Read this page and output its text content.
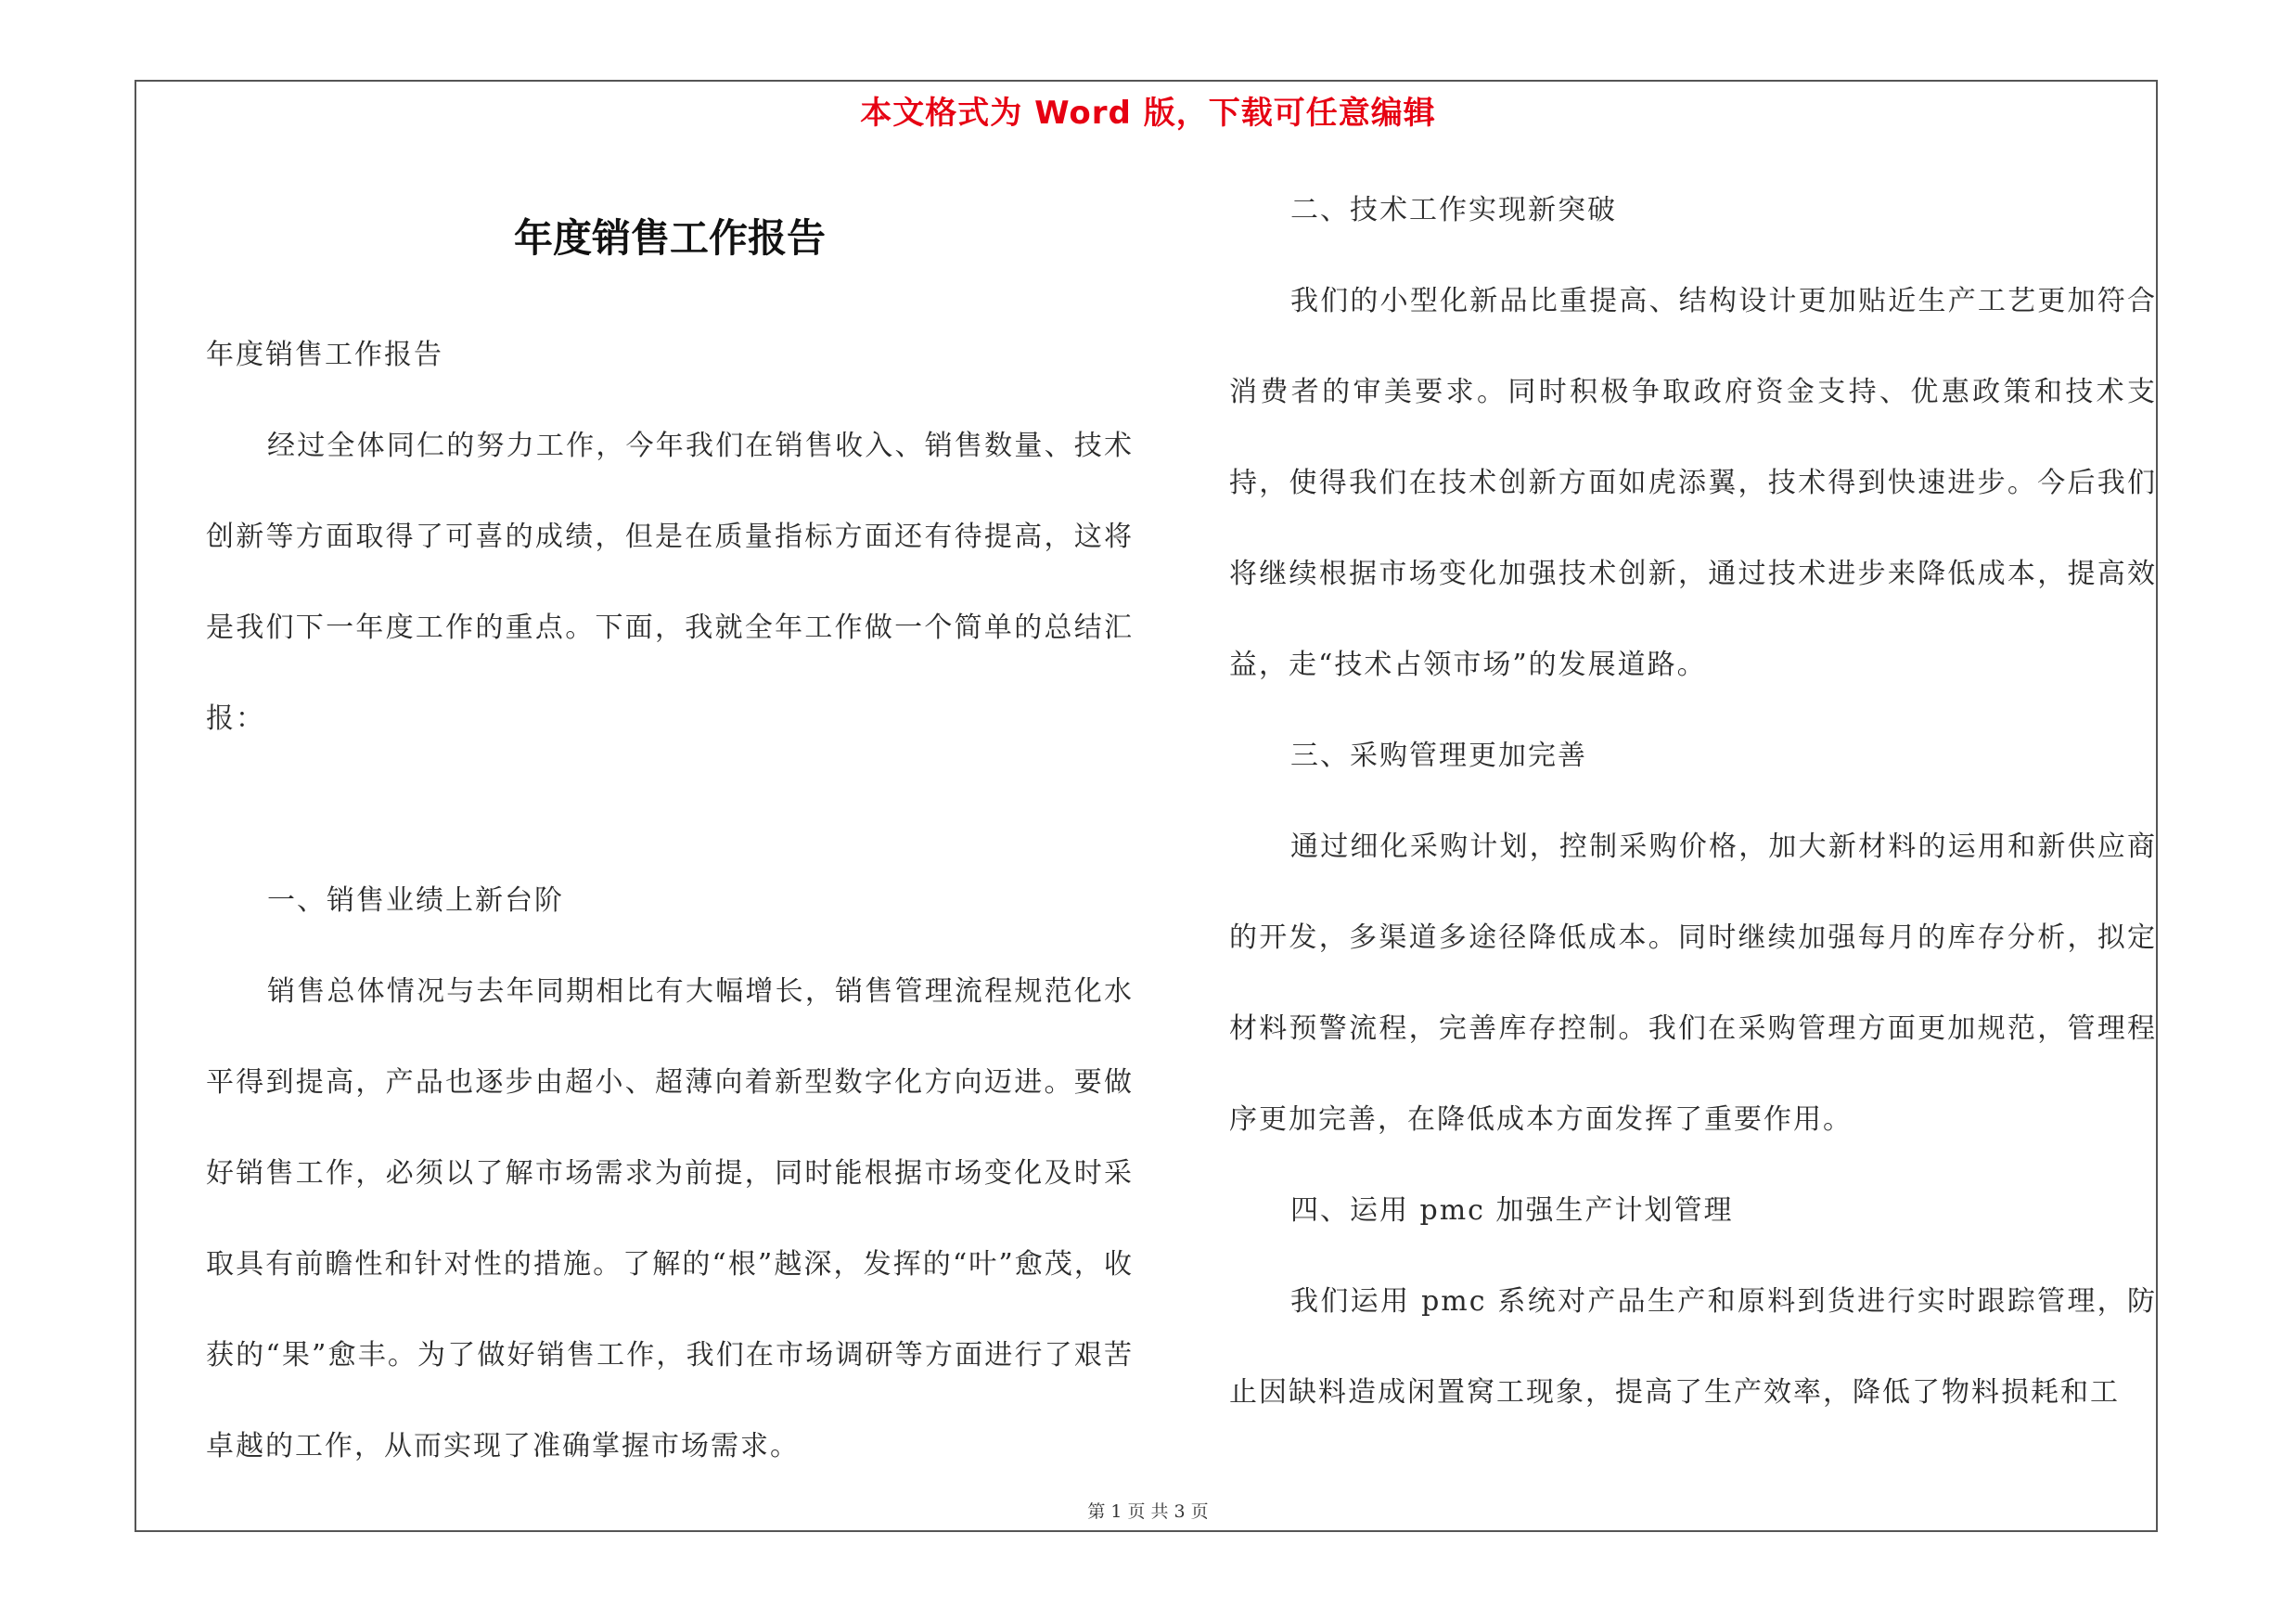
本文格式为 Word 版，下载可任意编辑
年度销售工作报告

年度销售工作报告

经过全体同仁的努力工作，今年我们在销售收入、销售数量、技术创新等方面取得了可喜的成绩，但是在质量指标方面还有待提高，这将是我们下一年度工作的重点。下面，我就全年工作做一个简单的总结汇报：

一、销售业绩上新台阶

销售总体情况与去年同期相比有大幅增长，销售管理流程规范化水平得到提高，产品也逐步由超小、超薄向着新型数字化方向迈进。要做好销售工作，必须以了解市场需求为前提，同时能根据市场变化及时采取具有前瞻性和针对性的措施。了解的“根”越深，发挥的“叶”愈茂，收获的“果”愈丰。为了做好销售工作，我们在市场调研等方面进行了艰苦卓越的工作，从而实现了准确掌握市场需求。

二、技术工作实现新突破

我们的小型化新品比重提高、结构设计更加贴近生产工艺更加符合消费者的审美要求。同时积极争取政府资金支持、优惠政策和技术支持，使得我们在技术创新方面如虎添翼，技术得到快速进步。今后我们将继续根据市场变化加强技术创新，通过技术进步来降低成本，提高效益，走“技术占领市场”的发展道路。

三、采购管理更加完善

通过细化采购计划，控制采购价格，加大新材料的运用和新供应商的开发，多渠道多途径降低成本。同时继续加强每月的库存分析，拟定材料预警流程，完善库存控制。我们在采购管理方面更加规范，管理程序更加完善，在降低成本方面发挥了重要作用。

四、运用 pmc 加强生产计划管理

我们运用 pmc 系统对产品生产和原料到货进行实时跟踪管理，防止因缺料造成闲置窝工现象，提高了生产效率，降低了物料损耗和工

第 1 页 共 3 页
